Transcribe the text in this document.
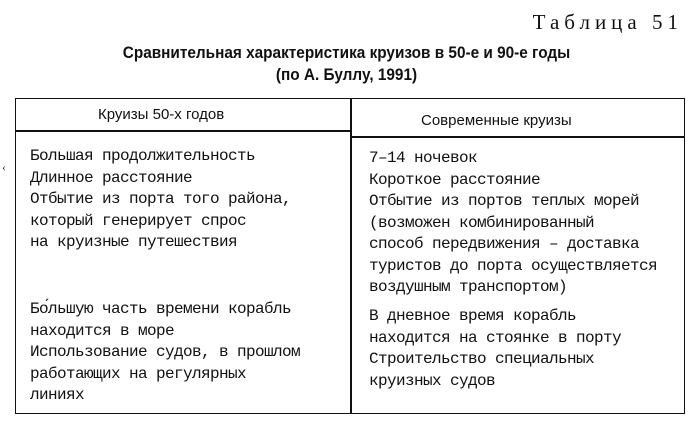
Таблица 51
Сравнительная характеристика круизов в 50-е и 90-е годы
(по А. Буллу, 1991)
‹
Круизы 50-х годов	Современные круизы
Большая продолжительность
Длинное расстояние
Отбытие из порта того района,
который генерирует спрос
на круизные путешествия
Бо́льшую часть времени корабль
находится в море
Использование судов, в прошлом
работающих на регулярных
линиях
7–14 ночевок
Короткое расстояние
Отбытие из портов теплых морей
(возможен комбинированный
способ передвижения – доставка
туристов до порта осуществляется
воздушным транспортом)
В дневное время корабль
находится на стоянке в порту
Строительство специальных
круизных судов
